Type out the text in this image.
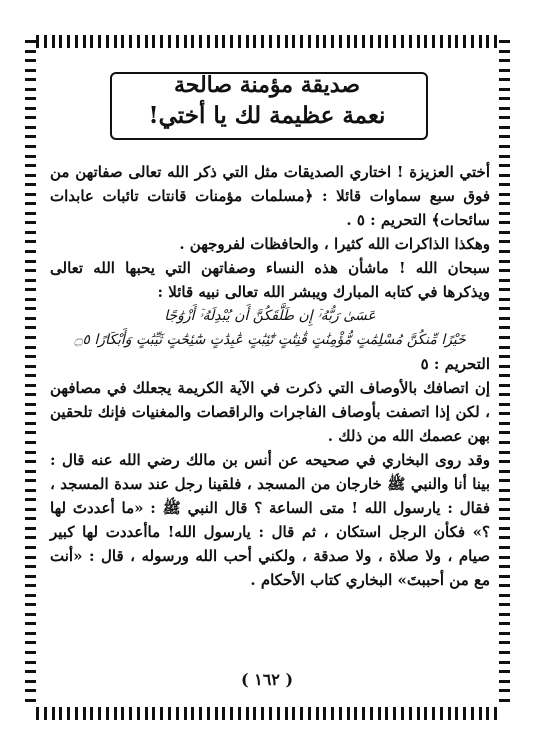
صديقة مؤمنة صالحة
نعمة عظيمة لك يا أختي!

أختي العزيزة ! اختاري الصديقات مثل التي ذكر الله تعالى صفاتهن من فوق سبع سماوات قائلا : ﴿مسلمات مؤمنات قانتات تائبات عابدات سائحات﴾ التحريم : ٥ .

وهكذا الذاكرات الله كثيرا ، والحافظات لفروجهن .

سبحان الله ! ماشأن هذه النساء وصفاتهن التي يحبها الله تعالى ويذكرها في كتابه المبارك ويبشر الله تعالى نبيه قائلا :

عَسَىٰ رَبُّهُۥٓ إِن طَلَّقَكُنَّ أَن يُبْدِلَهُۥٓ أَزْوَٰجًا

خَيْرًا مِّنكُنَّ مُسْلِمَٰتٍ مُّؤْمِنَٰتٍ قَٰنِتَٰتٍ تَٰٓئِبَٰتٍ عَٰبِدَٰتٍ سَٰٓئِحَٰتٍ ثَيِّبَٰتٍ وَأَبْكَارًا ۝٥

التحريم : ٥

إن اتصافك بالأوصاف التي ذكرت في الآية الكريمة يجعلك في مصافهن ، لكن إذا اتصفت بأوصاف الفاجرات والراقصات والمغنيات فإنك تلحقين بهن عصمك الله من ذلك .

وقد روى البخاري في صحيحه عن أنس بن مالك رضي الله عنه قال : بينا أنا والنبي ﷺ خارجان من المسجد ، فلقينا رجل عند سدة المسجد ، فقال : يارسول الله ! متى الساعة ؟ قال النبي ﷺ : «ما أعددتَ لها ؟» فكأن الرجل استكان ، ثم قال : يارسول الله! ماأعددت لها كبير صيام ، ولا صلاة ، ولا صدقة ، ولكني أحب الله ورسوله ، قال : «أنت مع من أحببتَ» البخاري كتاب الأحكام .

( ١٦٢ )
